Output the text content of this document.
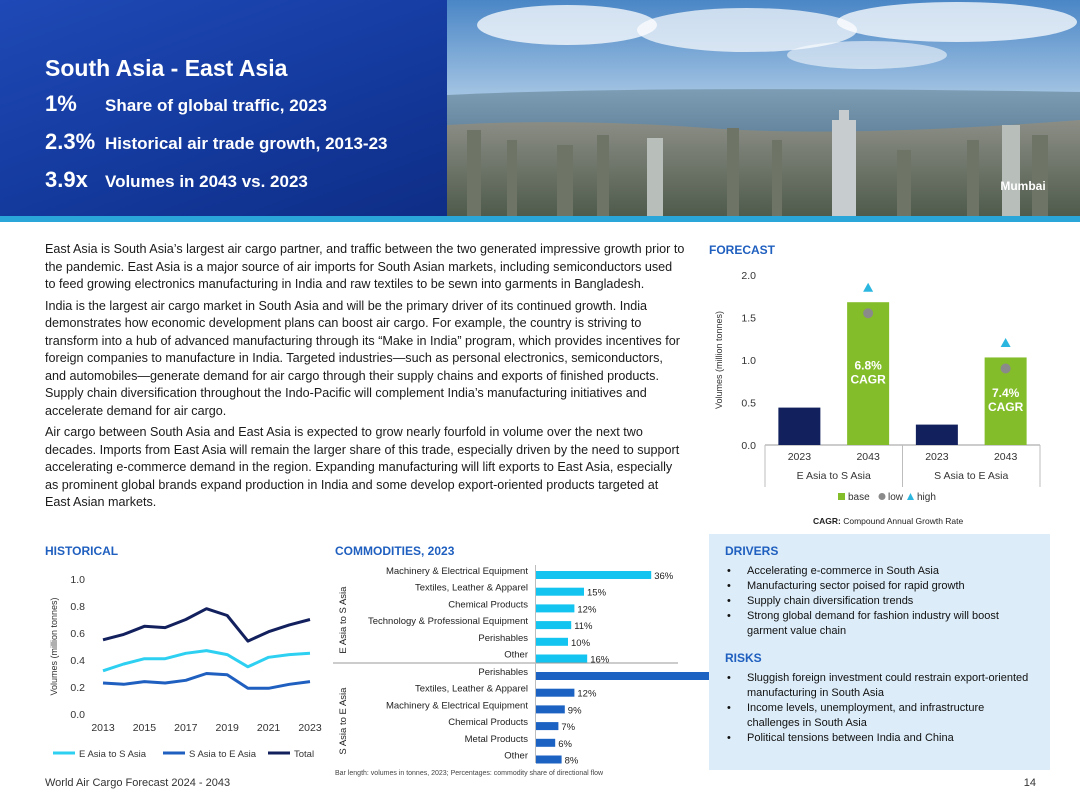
South Asia - East Asia
1%	Share of global traffic, 2023
2.3% Historical air trade growth, 2013-23
3.9x	Volumes in 2043 vs. 2023	Mumbai

East Asia is South Asia’s largest air cargo partner, and traffic between the two generated impressive growth prior to the pandemic. East Asia is a major source of air imports for South Asian markets, including semiconductors used to feed growing electronics manufacturing in India and raw textiles to be sewn into garments in Bangladesh.

India is the largest air cargo market in South Asia and will be the primary driver of its continued growth. India demonstrates how economic development plans can boost air cargo. For example, the country is striving to transform into a hub of advanced manufacturing through its “Make in India” program, which provides incentives for foreign companies to manufacture in India. Targeted industries—such as personal electronics, semiconductors, and automobiles—generate demand for air cargo through their supply chains and exports of finished products. Supply chain diversification throughout the Indo-Pacific will complement India’s manufacturing initiatives and accelerate demand for air cargo.

Air cargo between South Asia and East Asia is expected to grow nearly fourfold in volume over the next two decades. Imports from East Asia will remain the larger share of this trade, especially driven by the need to support accelerating e-commerce demand in the region. Expanding manufacturing will lift exports to East Asia, especially as prominent global brands expand production in India and some develop export-oriented products targeted at East Asian markets.

FORECAST
0.0
0.5
1.0
1.5
2.0
Volumes (million tonnes)
2023	2043
6.8%
CAGR
E Asia to S Asia
2023	2043
7.4%
CAGR
S Asia to E Asia
base low high
CAGR: Compound Annual Growth Rate
HISTORICAL
0.0
0.2
0.4
0.6
0.8
1.0
Volumes (million tonnes)
2013 2015 2017 2019 2021 2023
E Asia to S Asia	S Asia to E Asia	Total
COMMODITIES, 2023
Machinery & Electrical Equipment	36%
Textiles, Leather & Apparel	15%
Chemical Products	12%
Technology & Professional Equipment	11%
Perishables	10%
Other	16%
E Asia to S Asia
Perishables
Textiles, Leather & Apparel	12%
Machinery & Electrical Equipment	9%
Chemical Products	7%
Metal Products	6%
Other	8%
S Asia to E Asia
Bar length: volumes in tonnes, 2023; Percentages: commodity share of directional flow
DRIVERS
• Accelerating e-commerce in South Asia
• Manufacturing sector poised for rapid growth
• Supply chain diversification trends
• Strong global demand for fashion industry will boost garment value chain
RISKS
• Sluggish foreign investment could restrain export-oriented manufacturing in South Asia
• Income levels, unemployment, and infrastructure challenges in South Asia
• Political tensions between India and China
World Air Cargo Forecast 2024 - 2043	14
